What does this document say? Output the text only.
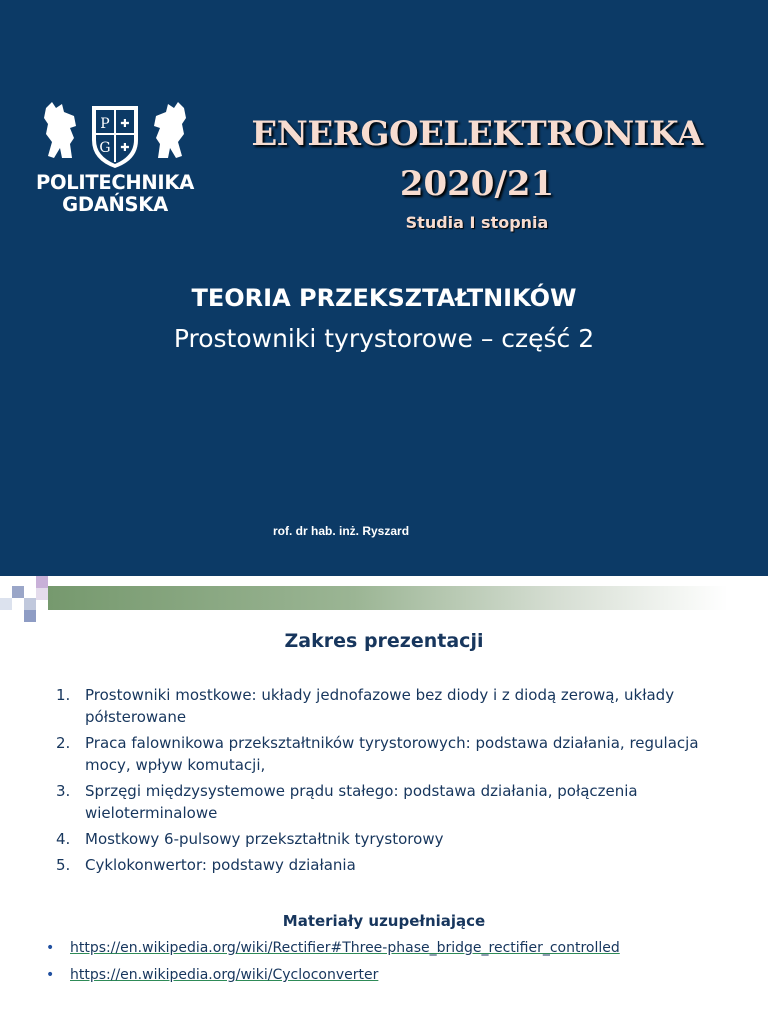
P
G
✚
✚
POLITECHNIKA
GDAŃSKA
ENERGOELEKTRONIKA
2020/21
Studia I stopnia
TEORIA PRZEKSZTAŁTNIKÓW
Prostowniki tyrystorowe – część 2
rof. dr hab. inż. Ryszard
Zakres prezentacji
1. Prostowniki mostkowe: układy jednofazowe bez diody i z diodą zerową, układy półsterowane
2. Praca falownikowa przekształtników tyrystorowych: podstawa działania, regulacja mocy, wpływ komutacji,
3. Sprzęgi międzysystemowe prądu stałego: podstawa działania, połączenia wieloterminalowe
4. Mostkowy 6-pulsowy przekształtnik tyrystorowy
5. Cyklokonwertor: podstawy działania
Materiały uzupełniające
• https://en.wikipedia.org/wiki/Rectifier#Three-phase_bridge_rectifier_controlled
• https://en.wikipedia.org/wiki/Cycloconverter
